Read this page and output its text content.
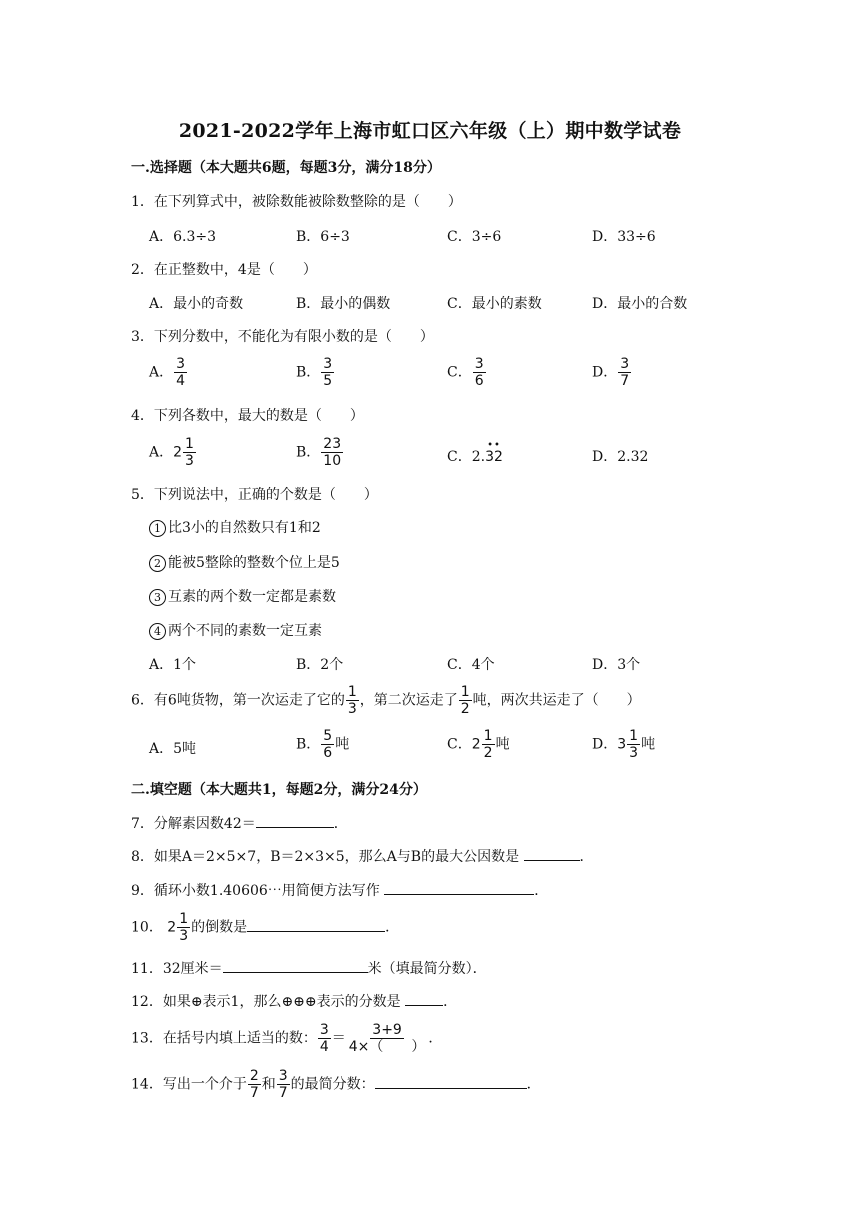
2021-2022学年上海市虹口区六年级（上）期中数学试卷
一.选择题（本大题共6题，每题3分，满分18分）
1．在下列算式中，被除数能被除数整除的是（　　）
A．6.3÷3	B．6÷3	C．3÷6	D．33÷6
2．在正整数中，4是（　　）
A．最小的奇数	B．最小的偶数	C．最小的素数	D．最小的合数
3．下列分数中，不能化为有限小数的是（　　）
A． $\frac{3}{4}$	B． $\frac{3}{5}$	C． $\frac{3}{6}$	D． $\frac{3}{7}$
4．下列各数中，最大的数是（　　）
A．$2 \frac{1}{3}$	B． $\frac{23}{10}$	C．2.
••
32	D．2.32
5．下列说法中，正确的个数是（　　）
1 比3小的自然数只有1和2
2 能被5整除的整数个位上是5
3 互素的两个数一定都是素数
4 两个不同的素数一定互素
A．1个	B．2个	C．4个	D．3个
6．有6吨货物，第一次运走了它的 $\frac{1}{3}$ ，第二次运走了 $\frac{1}{2}$ 吨，两次共运走了（　　）
A．5吨	B． $\frac{5}{6}$ 吨	C．$2 \frac{1}{2}$ 吨	D．$3 \frac{1}{3}$ 吨
二.填空题（本大题共1，每题2分，满分24分）
7．分解素因数42＝	．
8．如果A＝2×5×7，B＝2×3×5，那么A与B的最大公因数是	．
9．循环小数1.40606⋯用简便方法写作	．
10． $2 \frac{1}{3}$ 的倒数是	．
11．32厘米＝	米（填最简分数）．
12．如果⊕表示1，那么⊕⊕⊕表示的分数是	．
13．在括号内填上适当的数： $\frac{3}{4} = \frac{3+9}{4\times( )}$ ．
14．写出一个介于 $\frac{2}{7}$ 和 $\frac{3}{7}$ 的最简分数：	．
